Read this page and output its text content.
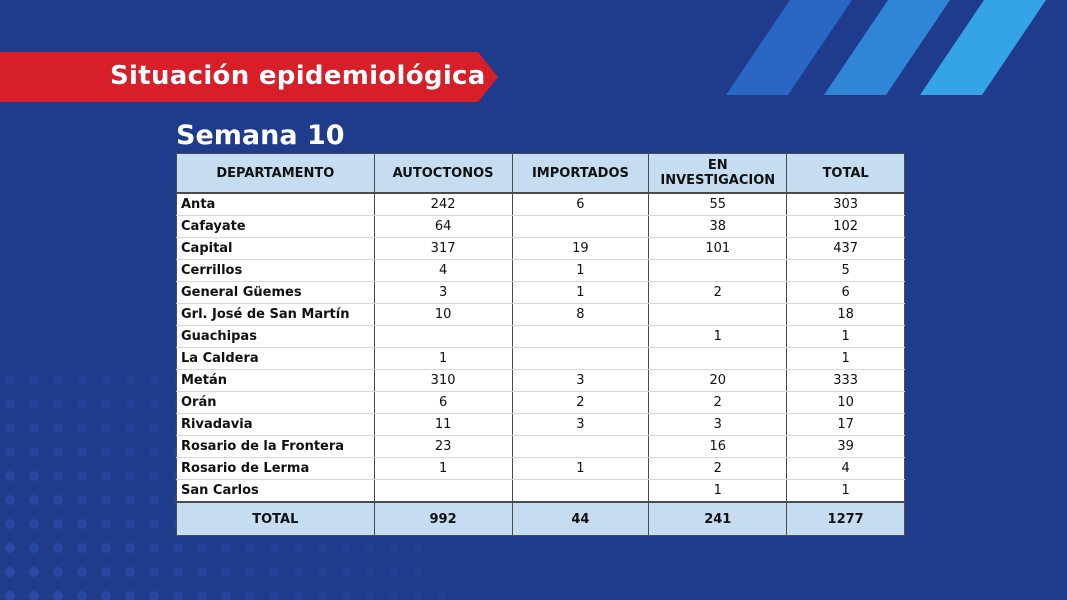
Situación epidemiológica
Semana 10
DEPARTAMENTO	AUTOCTONOS	IMPORTADOS	EN INVESTIGACION	TOTAL
Anta	242	6	55	303
Cafayate	64		38	102
Capital	317	19	101	437
Cerrillos	4	1		5
General Güemes	3	1	2	6
Grl. José de San Martín	10	8		18
Guachipas			1	1
La Caldera	1			1
Metán	310	3	20	333
Orán	6	2	2	10
Rivadavia	11	3	3	17
Rosario de la Frontera	23		16	39
Rosario de Lerma	1	1	2	4
San Carlos			1	1
TOTAL	992	44	241	1277
